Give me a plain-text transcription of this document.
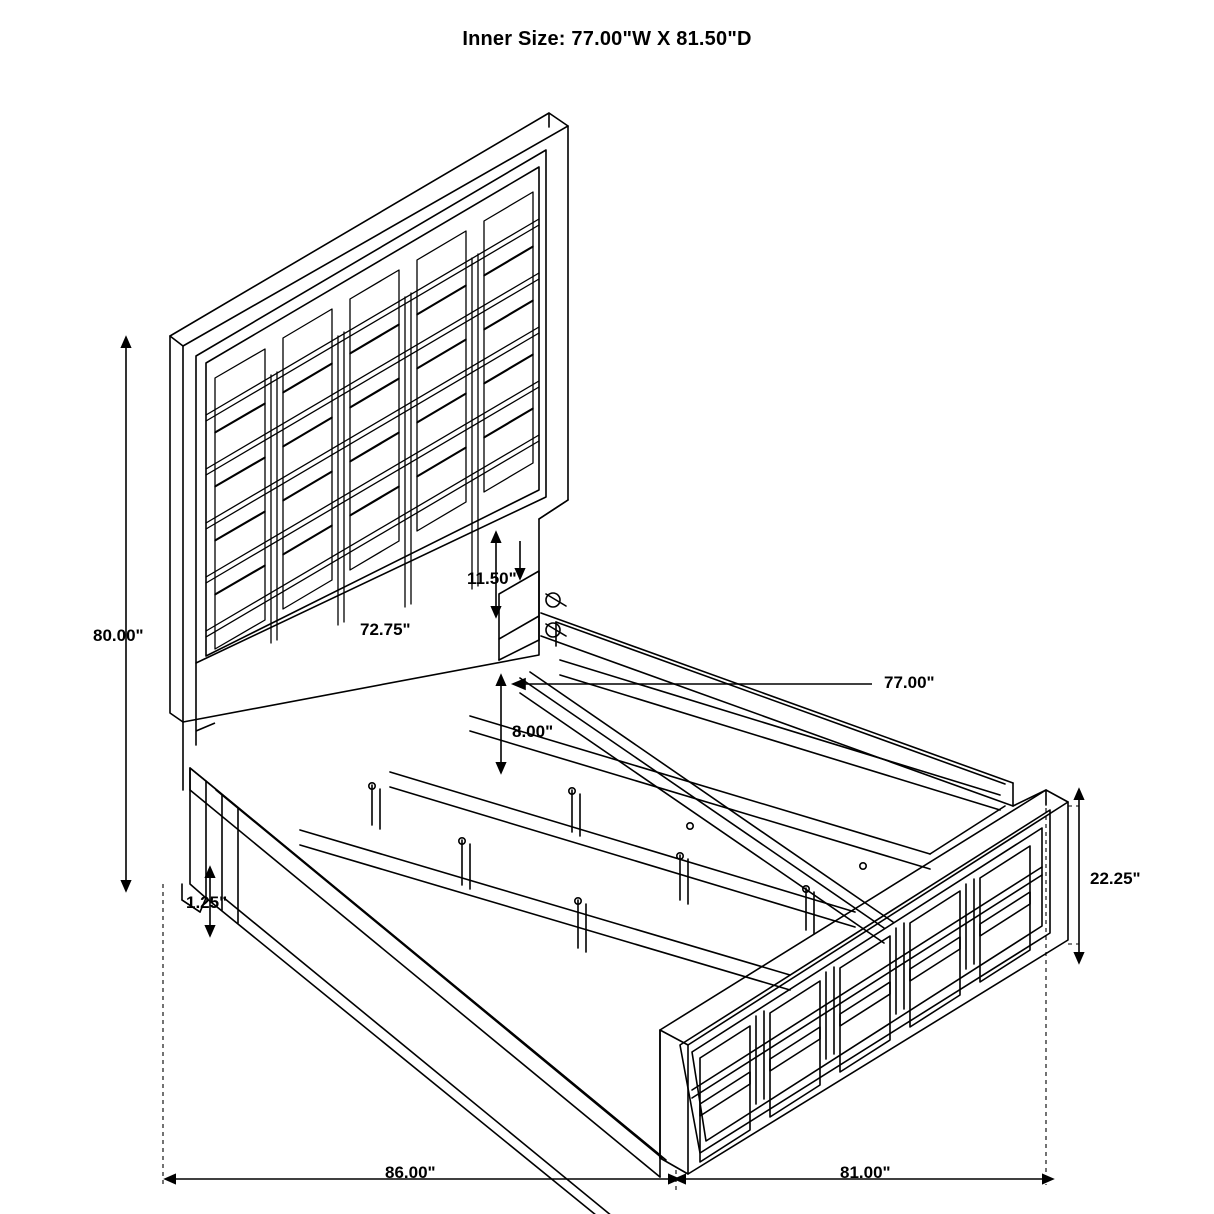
Inner Size: 77.00"W X 81.50"D
80.00"	72.75"
11.50"
77.00"
8.00"
1.25"
22.25"
86.00"	81.00"
